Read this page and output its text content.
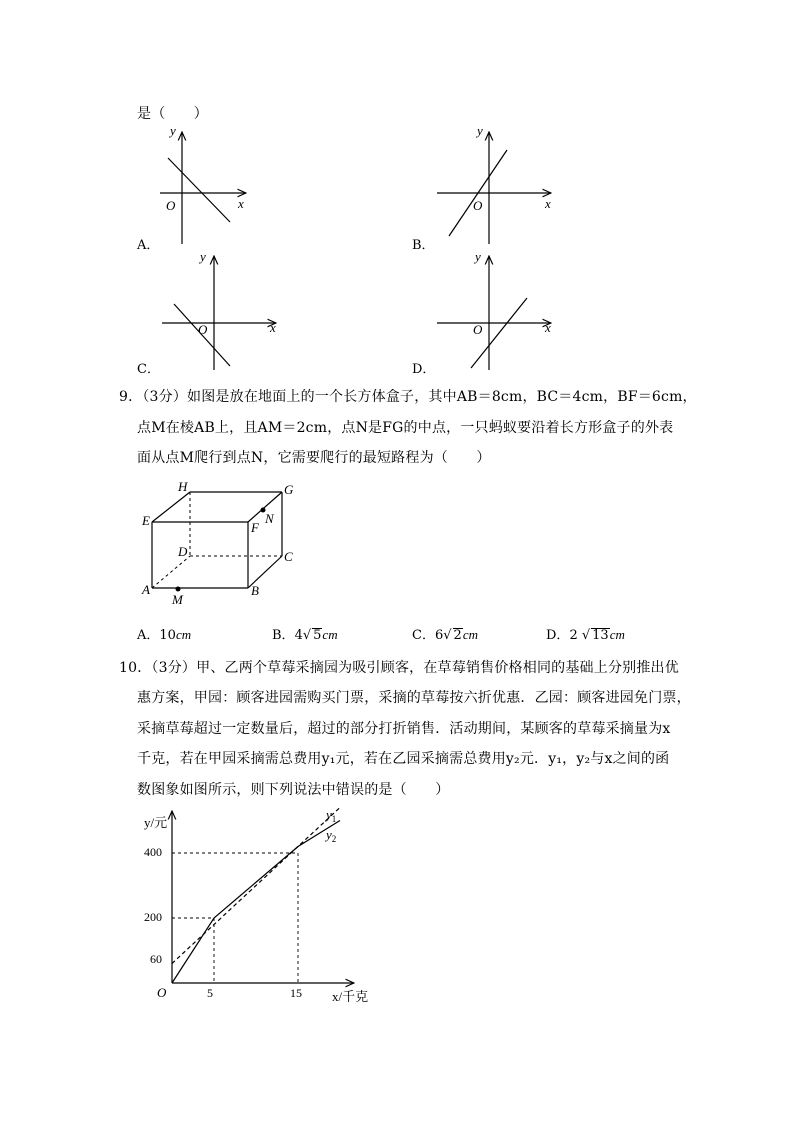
是（　　）
y
x
O
A．
y
x
O
B．
y
x
O
C．
y
x
O
D．
9．（3分）如图是放在地面上的一个长方体盒子，其中AB＝8cm，BC＝4cm，BF＝6cm，
点M在棱AB上，且AM＝2cm，点N是FG的中点，一只蚂蚁要沿着长方形盒子的外表
面从点M爬行到点N，它需要爬行的最短路程为（　　）
H	G
E	F
N
D	C
A	B
M
A．10cm	B．4√ 5cm	C．6√ 2cm	D．2 √ 13cm
10．（3分）甲、乙两个草莓采摘园为吸引顾客，在草莓销售价格相同的基础上分别推出优
惠方案，甲园：顾客进园需购买门票，采摘的草莓按六折优惠．乙园：顾客进园免门票，
采摘草莓超过一定数量后，超过的部分打折销售．活动期间，某顾客的草莓采摘量为x
千克，若在甲园采摘需总费用y₁元，若在乙园采摘需总费用y₂元．y₁，y₂与x之间的函
数图象如图所示，则下列说法中错误的是（　　）
y/元
x/千克
O
400
200
60
5	15
$y_1$
$y_2$
